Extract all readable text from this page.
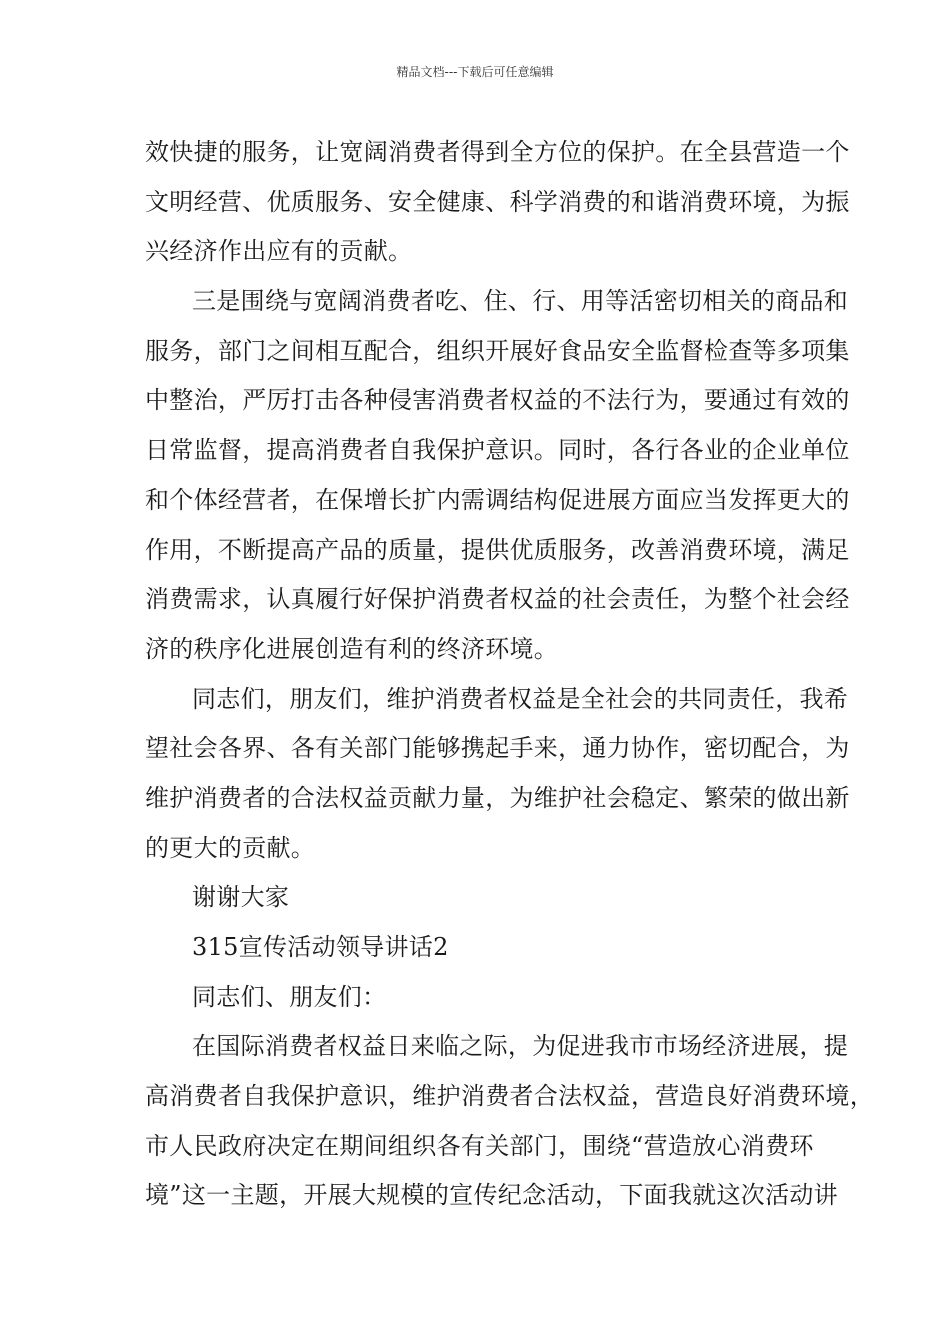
精品文档---下载后可任意编辑
效快捷的服务，让宽阔消费者得到全方位的保护。在全县营造一个
文明经营、优质服务、安全健康、科学消费的和谐消费环境，为振
兴经济作出应有的贡献。
三是围绕与宽阔消费者吃、住、行、用等活密切相关的商品和
服务，部门之间相互配合，组织开展好食品安全监督检查等多项集
中整治，严厉打击各种侵害消费者权益的不法行为，要通过有效的
日常监督，提高消费者自我保护意识。同时，各行各业的企业单位
和个体经营者，在保增长扩内需调结构促进展方面应当发挥更大的
作用，不断提高产品的质量，提供优质服务，改善消费环境，满足
消费需求，认真履行好保护消费者权益的社会责任，为整个社会经
济的秩序化进展创造有利的终济环境。
同志们，朋友们，维护消费者权益是全社会的共同责任，我希
望社会各界、各有关部门能够携起手来，通力协作，密切配合，为
维护消费者的合法权益贡献力量，为维护社会稳定、繁荣的做出新
的更大的贡献。
谢谢大家
315宣传活动领导讲话2
同志们、朋友们：
在国际消费者权益日来临之际，为促进我市市场经济进展，提
高消费者自我保护意识，维护消费者合法权益，营造良好消费环境，
市人民政府决定在期间组织各有关部门，围绕“营造放心消费环
境”这一主题，开展大规模的宣传纪念活动，下面我就这次活动讲
